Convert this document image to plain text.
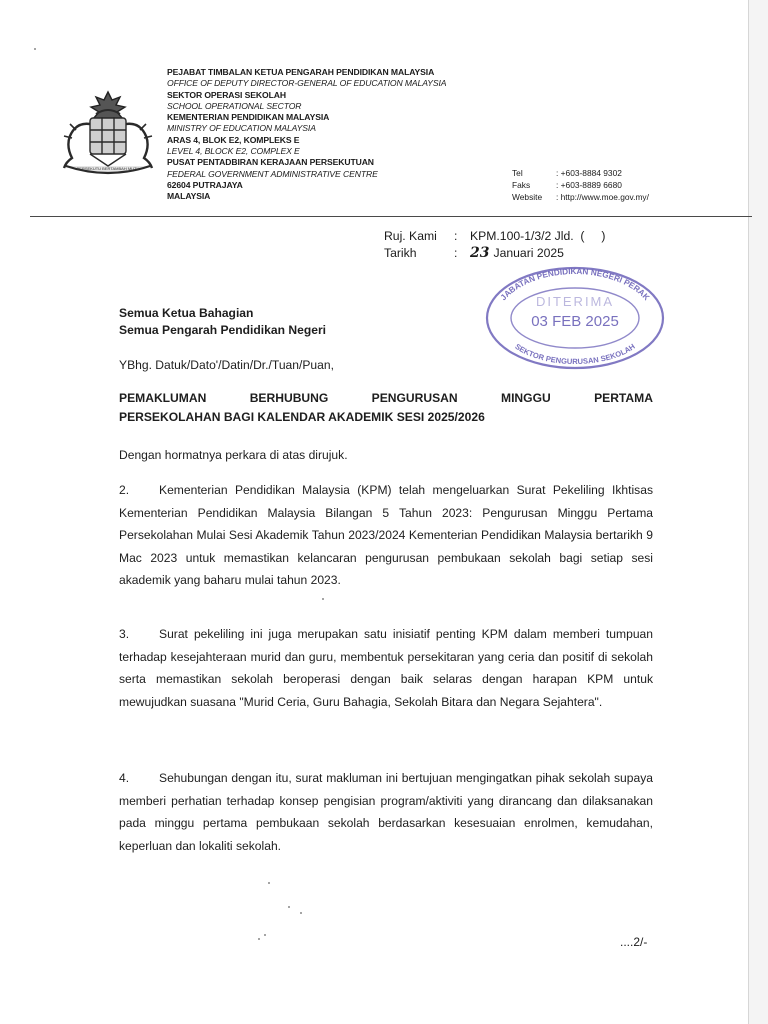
BERSEKUTU BERTAMBAH MUTU
PEJABAT TIMBALAN KETUA PENGARAH PENDIDIKAN MALAYSIA
OFFICE OF DEPUTY DIRECTOR-GENERAL OF EDUCATION MALAYSIA
SEKTOR OPERASI SEKOLAH
SCHOOL OPERATIONAL SECTOR
KEMENTERIAN PENDIDIKAN MALAYSIA
MINISTRY OF EDUCATION MALAYSIA
ARAS 4, BLOK E2, KOMPLEKS E
LEVEL 4, BLOCK E2, COMPLEX E
PUSAT PENTADBIRAN KERAJAAN PERSEKUTUAN
FEDERAL GOVERNMENT ADMINISTRATIVE CENTRE
62604 PUTRAJAYA
MALAYSIA
Tel	: +603-8884 9302
Faks	: +603-8889 6680
Website	: http://www.moe.gov.my/
Ruj. Kami	:	KPM.100-1/3/2 Jld.  (     )
Tarikh	: 23 Januari 2025
JABATAN PENDIDIKAN NEGERI PERAK
SEKTOR PENGURUSAN SEKOLAH
DITERIMA
03 FEB 2025
Semua Ketua Bahagian
Semua Pengarah Pendidikan Negeri
YBhg. Datuk/Dato'/Datin/Dr./Tuan/Puan,
PEMAKLUMAN	BERHUBUNG	PENGURUSAN	MINGGU	PERTAMA
PERSEKOLAHAN BAGI KALENDAR AKADEMIK SESI 2025/2026
Dengan hormatnya perkara di atas dirujuk.
2. Kementerian Pendidikan Malaysia (KPM) telah mengeluarkan Surat Pekeliling Ikhtisas Kementerian Pendidikan Malaysia Bilangan 5 Tahun 2023: Pengurusan Minggu Pertama Persekolahan Mulai Sesi Akademik Tahun 2023/2024 Kementerian Pendidikan Malaysia bertarikh 9 Mac 2023 untuk memastikan kelancaran pengurusan pembukaan sekolah bagi setiap sesi akademik yang baharu mulai tahun 2023.
3. Surat pekeliling ini juga merupakan satu inisiatif penting KPM dalam memberi tumpuan terhadap kesejahteraan murid dan guru, membentuk persekitaran yang ceria dan positif di sekolah serta memastikan sekolah beroperasi dengan baik selaras dengan harapan KPM untuk mewujudkan suasana "Murid Ceria, Guru Bahagia, Sekolah Bitara dan Negara Sejahtera".
4. Sehubungan dengan itu, surat makluman ini bertujuan mengingatkan pihak sekolah supaya memberi perhatian terhadap konsep pengisian program/aktiviti yang dirancang dan dilaksanakan pada minggu pertama pembukaan sekolah berdasarkan kesesuaian enrolmen, kemudahan, keperluan dan lokaliti sekolah.
....2/-
